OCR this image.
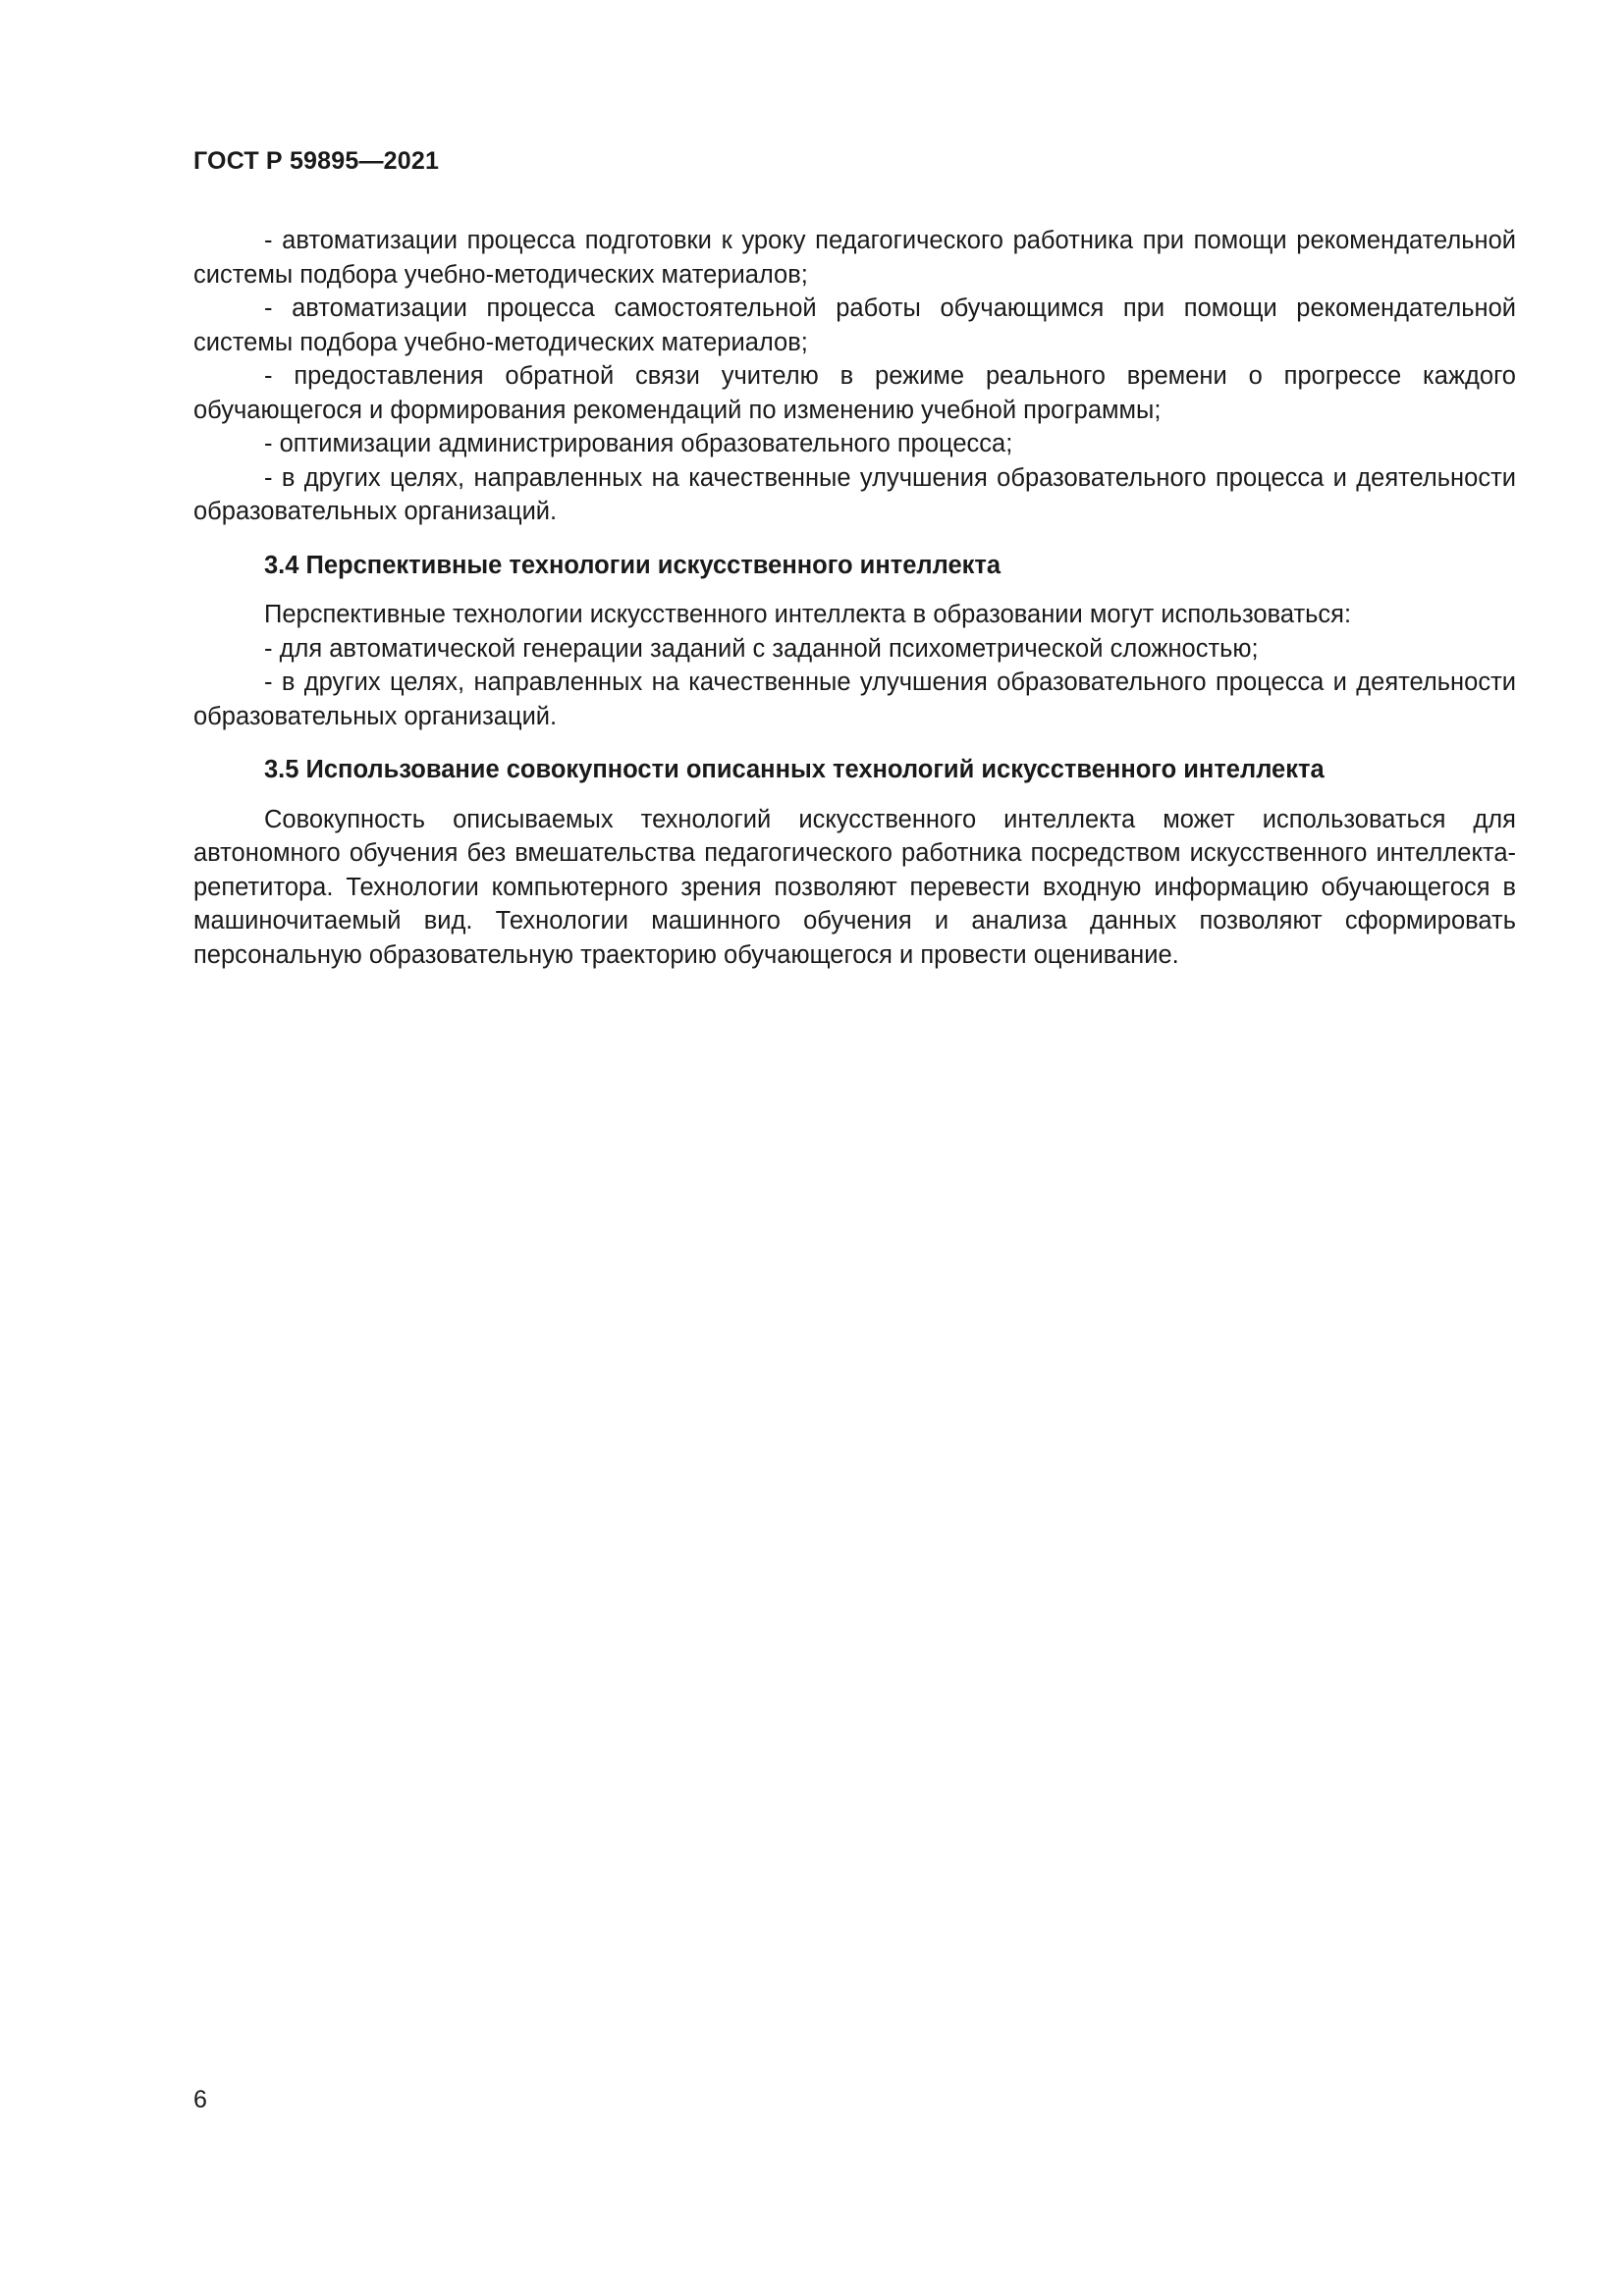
ГОСТ Р 59895—2021

- автоматизации процесса подготовки к уроку педагогического работника при помощи рекомендательной системы подбора учебно-методических материалов;

- автоматизации процесса самостоятельной работы обучающимся при помощи рекомендательной системы подбора учебно-методических материалов;

- предоставления обратной связи учителю в режиме реального времени о прогрессе каждого обучающегося и формирования рекомендаций по изменению учебной программы;

- оптимизации администрирования образовательного процесса;

- в других целях, направленных на качественные улучшения образовательного процесса и деятельности образовательных организаций.

3.4 Перспективные технологии искусственного интеллекта

Перспективные технологии искусственного интеллекта в образовании могут использоваться:

- для автоматической генерации заданий с заданной психометрической сложностью;

- в других целях, направленных на качественные улучшения образовательного процесса и деятельности образовательных организаций.

3.5 Использование совокупности описанных технологий искусственного интеллекта

Совокупность описываемых технологий искусственного интеллекта может использоваться для автономного обучения без вмешательства педагогического работника посредством искусственного интеллекта-репетитора. Технологии компьютерного зрения позволяют перевести входную информацию обучающегося в машиночитаемый вид. Технологии машинного обучения и анализа данных позволяют сформировать персональную образовательную траекторию обучающегося и провести оценивание.

6
